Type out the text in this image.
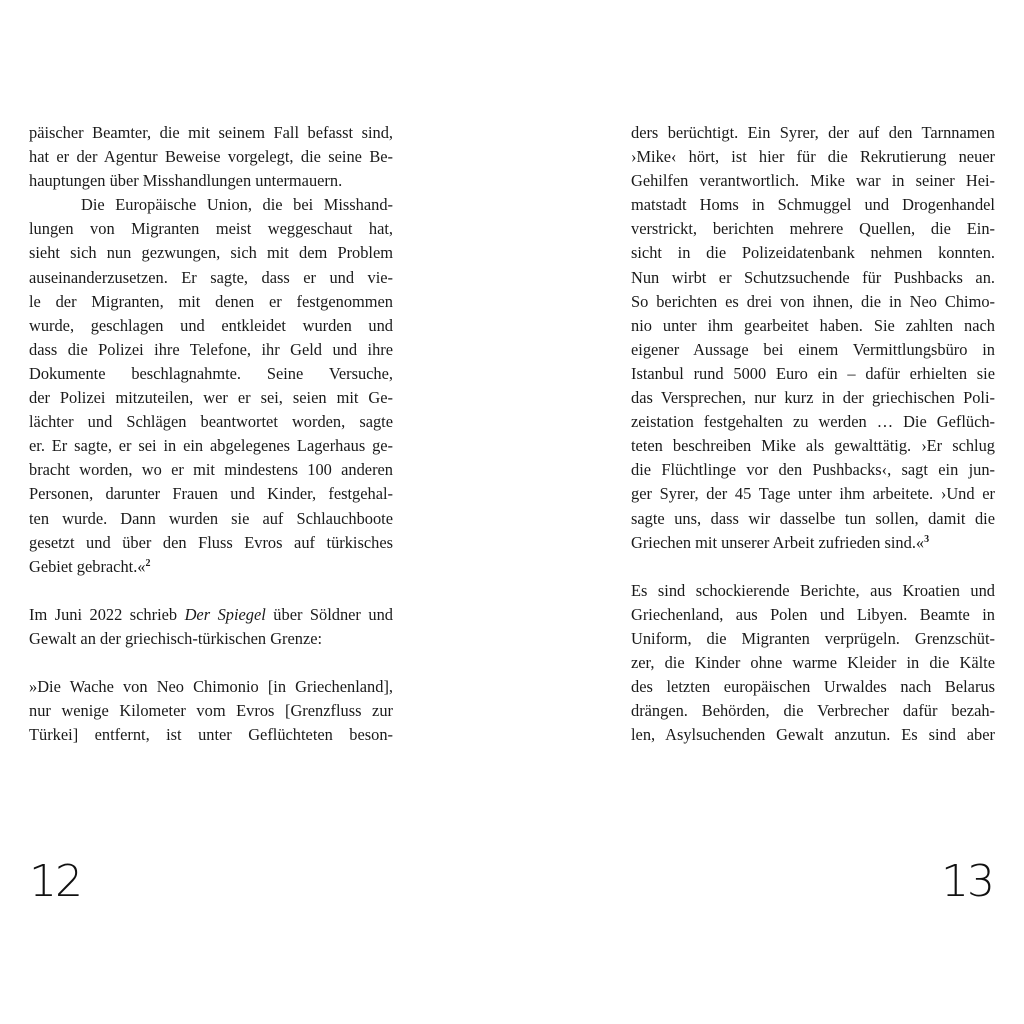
päischer Beamter, die mit seinem Fall befasst sind,
hat er der Agentur Beweise vorgelegt, die seine Be-
hauptungen über Misshandlungen untermauern.
Die Europäische Union, die bei Misshand-
lungen von Migranten meist weggeschaut hat,
sieht sich nun gezwungen, sich mit dem Problem
auseinanderzusetzen. Er sagte, dass er und vie-
le der Migranten, mit denen er festgenommen
wurde, geschlagen und entkleidet wurden und
dass die Polizei ihre Telefone, ihr Geld und ihre
Dokumente beschlagnahmte. Seine Versuche,
der Polizei mitzuteilen, wer er sei, seien mit Ge-
lächter und Schlägen beantwortet worden, sagte
er. Er sagte, er sei in ein abgelegenes Lagerhaus ge-
bracht worden, wo er mit mindestens 100 anderen
Personen, darunter Frauen und Kinder, festgehal-
ten wurde. Dann wurden sie auf Schlauchboote
gesetzt und über den Fluss Evros auf türkisches
Gebiet gebracht.«$^2$
Im Juni 2022 schrieb Der Spiegel über Söldner und
Gewalt an der griechisch-türkischen Grenze:
»Die Wache von Neo Chimonio [in Griechenland],
nur wenige Kilometer vom Evros [Grenzfluss zur
Türkei] entfernt, ist unter Geflüchteten beson-
12
ders berüchtigt. Ein Syrer, der auf den Tarnnamen
›Mike‹ hört, ist hier für die Rekrutierung neuer
Gehilfen verantwortlich. Mike war in seiner Hei-
matstadt Homs in Schmuggel und Drogenhandel
verstrickt, berichten mehrere Quellen, die Ein-
sicht in die Polizeidatenbank nehmen konnten.
Nun wirbt er Schutzsuchende für Pushbacks an.
So berichten es drei von ihnen, die in Neo Chimo-
nio unter ihm gearbeitet haben. Sie zahlten nach
eigener Aussage bei einem Vermittlungsbüro in
Istanbul rund 5000 Euro ein – dafür erhielten sie
das Versprechen, nur kurz in der griechischen Poli-
zeistation festgehalten zu werden … Die Geflüch-
teten beschreiben Mike als gewalttätig. ›Er schlug
die Flüchtlinge vor den Pushbacks‹, sagt ein jun-
ger Syrer, der 45 Tage unter ihm arbeitete. ›Und er
sagte uns, dass wir dasselbe tun sollen, damit die
Griechen mit unserer Arbeit zufrieden sind.«$^3$
Es sind schockierende Berichte, aus Kroatien und
Griechenland, aus Polen und Libyen. Beamte in
Uniform, die Migranten verprügeln. Grenzschüt-
zer, die Kinder ohne warme Kleider in die Kälte
des letzten europäischen Urwaldes nach Belarus
drängen. Behörden, die Verbrecher dafür bezah-
len, Asylsuchenden Gewalt anzutun. Es sind aber
13
